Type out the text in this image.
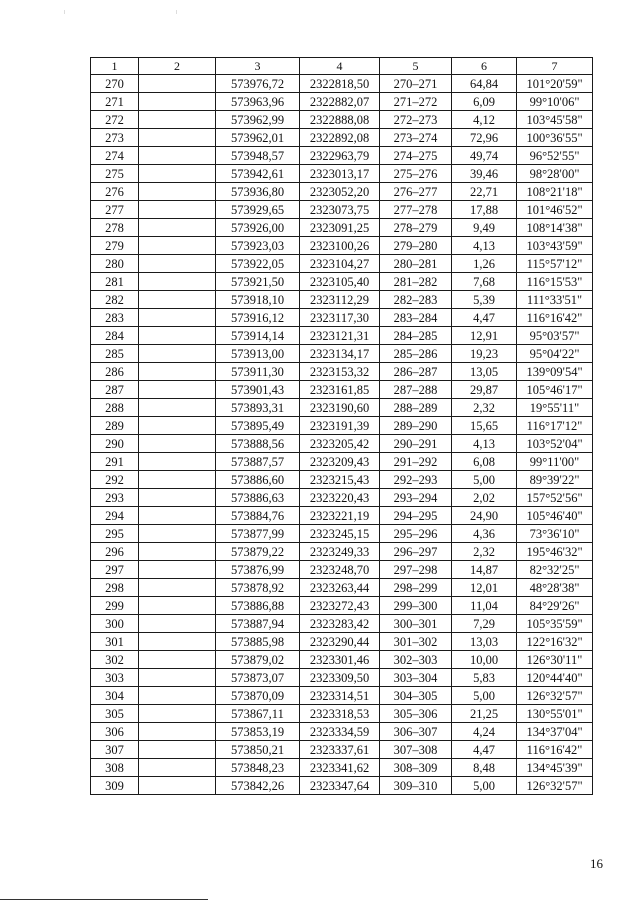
1	2	3	4	5	6	7
270		573976,72	2322818,50	270–271	64,84	101°20'59"
271		573963,96	2322882,07	271–272	6,09	99°10'06"
272		573962,99	2322888,08	272–273	4,12	103°45'58"
273		573962,01	2322892,08	273–274	72,96	100°36'55"
274		573948,57	2322963,79	274–275	49,74	96°52'55"
275		573942,61	2323013,17	275–276	39,46	98°28'00"
276		573936,80	2323052,20	276–277	22,71	108°21'18"
277		573929,65	2323073,75	277–278	17,88	101°46'52"
278		573926,00	2323091,25	278–279	9,49	108°14'38"
279		573923,03	2323100,26	279–280	4,13	103°43'59"
280		573922,05	2323104,27	280–281	1,26	115°57'12"
281		573921,50	2323105,40	281–282	7,68	116°15'53"
282		573918,10	2323112,29	282–283	5,39	111°33'51"
283		573916,12	2323117,30	283–284	4,47	116°16'42"
284		573914,14	2323121,31	284–285	12,91	95°03'57"
285		573913,00	2323134,17	285–286	19,23	95°04'22"
286		573911,30	2323153,32	286–287	13,05	139°09'54"
287		573901,43	2323161,85	287–288	29,87	105°46'17"
288		573893,31	2323190,60	288–289	2,32	19°55'11"
289		573895,49	2323191,39	289–290	15,65	116°17'12"
290		573888,56	2323205,42	290–291	4,13	103°52'04"
291		573887,57	2323209,43	291–292	6,08	99°11'00"
292		573886,60	2323215,43	292–293	5,00	89°39'22"
293		573886,63	2323220,43	293–294	2,02	157°52'56"
294		573884,76	2323221,19	294–295	24,90	105°46'40"
295		573877,99	2323245,15	295–296	4,36	73°36'10"
296		573879,22	2323249,33	296–297	2,32	195°46'32"
297		573876,99	2323248,70	297–298	14,87	82°32'25"
298		573878,92	2323263,44	298–299	12,01	48°28'38"
299		573886,88	2323272,43	299–300	11,04	84°29'26"
300		573887,94	2323283,42	300–301	7,29	105°35'59"
301		573885,98	2323290,44	301–302	13,03	122°16'32"
302		573879,02	2323301,46	302–303	10,00	126°30'11"
303		573873,07	2323309,50	303–304	5,83	120°44'40"
304		573870,09	2323314,51	304–305	5,00	126°32'57"
305		573867,11	2323318,53	305–306	21,25	130°55'01"
306		573853,19	2323334,59	306–307	4,24	134°37'04"
307		573850,21	2323337,61	307–308	4,47	116°16'42"
308		573848,23	2323341,62	308–309	8,48	134°45'39"
309		573842,26	2323347,64	309–310	5,00	126°32'57"
16
